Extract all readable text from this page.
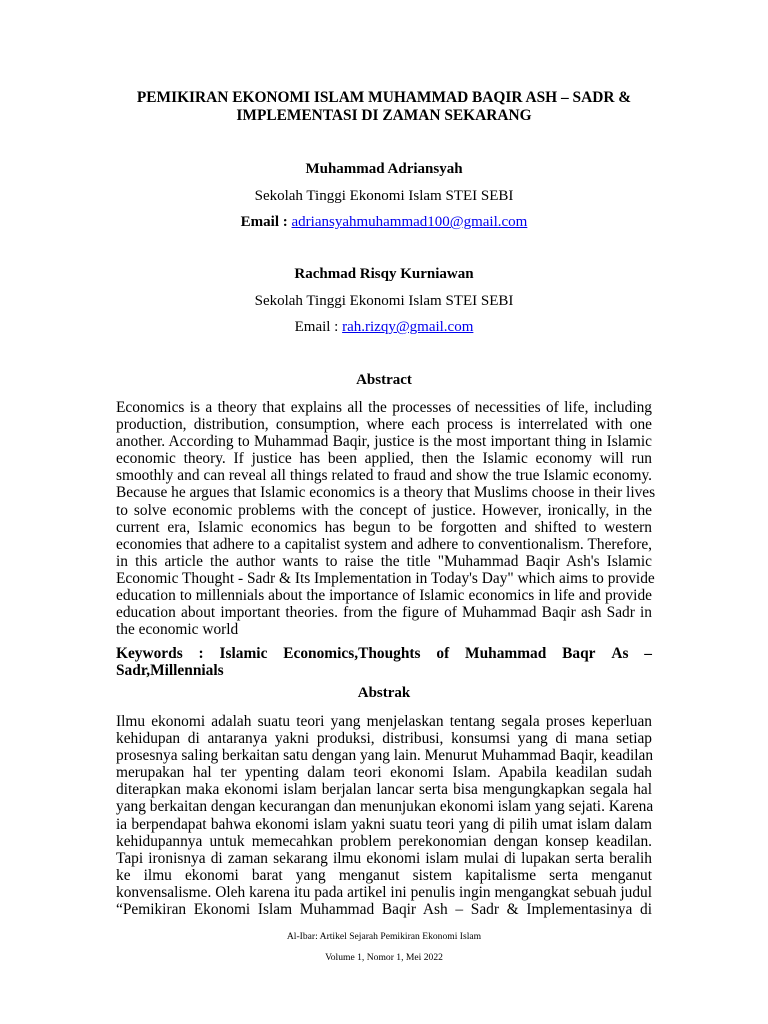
PEMIKIRAN EKONOMI ISLAM MUHAMMAD BAQIR ASH – SADR &
IMPLEMENTASI DI ZAMAN SEKARANG
Muhammad Adriansyah
Sekolah Tinggi Ekonomi Islam STEI SEBI
Email : adriansyahmuhammad100@gmail.com
Rachmad Risqy Kurniawan
Sekolah Tinggi Ekonomi Islam STEI SEBI
Email : rah.rizqy@gmail.com
Abstract
Economics is a theory that explains all the processes of necessities of life, including
production, distribution, consumption, where each process is interrelated with one
another. According to Muhammad Baqir, justice is the most important thing in Islamic
economic theory. If justice has been applied, then the Islamic economy will run
smoothly and can reveal all things related to fraud and show the true Islamic economy.
Because he argues that Islamic economics is a theory that Muslims choose in their lives
to solve economic problems with the concept of justice. However, ironically, in the
current era, Islamic economics has begun to be forgotten and shifted to western
economies that adhere to a capitalist system and adhere to conventionalism. Therefore,
in this article the author wants to raise the title "Muhammad Baqir Ash's Islamic
Economic Thought - Sadr & Its Implementation in Today's Day" which aims to provide
education to millennials about the importance of Islamic economics in life and provide
education about important theories. from the figure of Muhammad Baqir ash Sadr in
the economic world
Keywords : Islamic Economics,Thoughts of Muhammad Baqr As –
Sadr,Millennials
Abstrak
Ilmu ekonomi adalah suatu teori yang menjelaskan tentang segala proses keperluan
kehidupan di antaranya yakni produksi, distribusi, konsumsi yang di mana setiap
prosesnya saling berkaitan satu dengan yang lain. Menurut Muhammad Baqir, keadilan
merupakan hal ter ypenting dalam teori ekonomi Islam. Apabila keadilan sudah
diterapkan maka ekonomi islam berjalan lancar serta bisa mengungkapkan segala hal
yang berkaitan dengan kecurangan dan menunjukan ekonomi islam yang sejati. Karena
ia berpendapat bahwa ekonomi islam yakni suatu teori yang di pilih umat islam dalam
kehidupannya untuk memecahkan problem perekonomian dengan konsep keadilan.
Tapi ironisnya di zaman sekarang ilmu ekonomi islam mulai di lupakan serta beralih
ke ilmu ekonomi barat yang menganut sistem kapitalisme serta menganut
konvensalisme. Oleh karena itu pada artikel ini penulis ingin mengangkat sebuah judul
“Pemikiran Ekonomi Islam Muhammad Baqir Ash – Sadr & Implementasinya di
Al-Ibar: Artikel Sejarah Pemikiran Ekonomi Islam
Volume 1, Nomor 1, Mei 2022
